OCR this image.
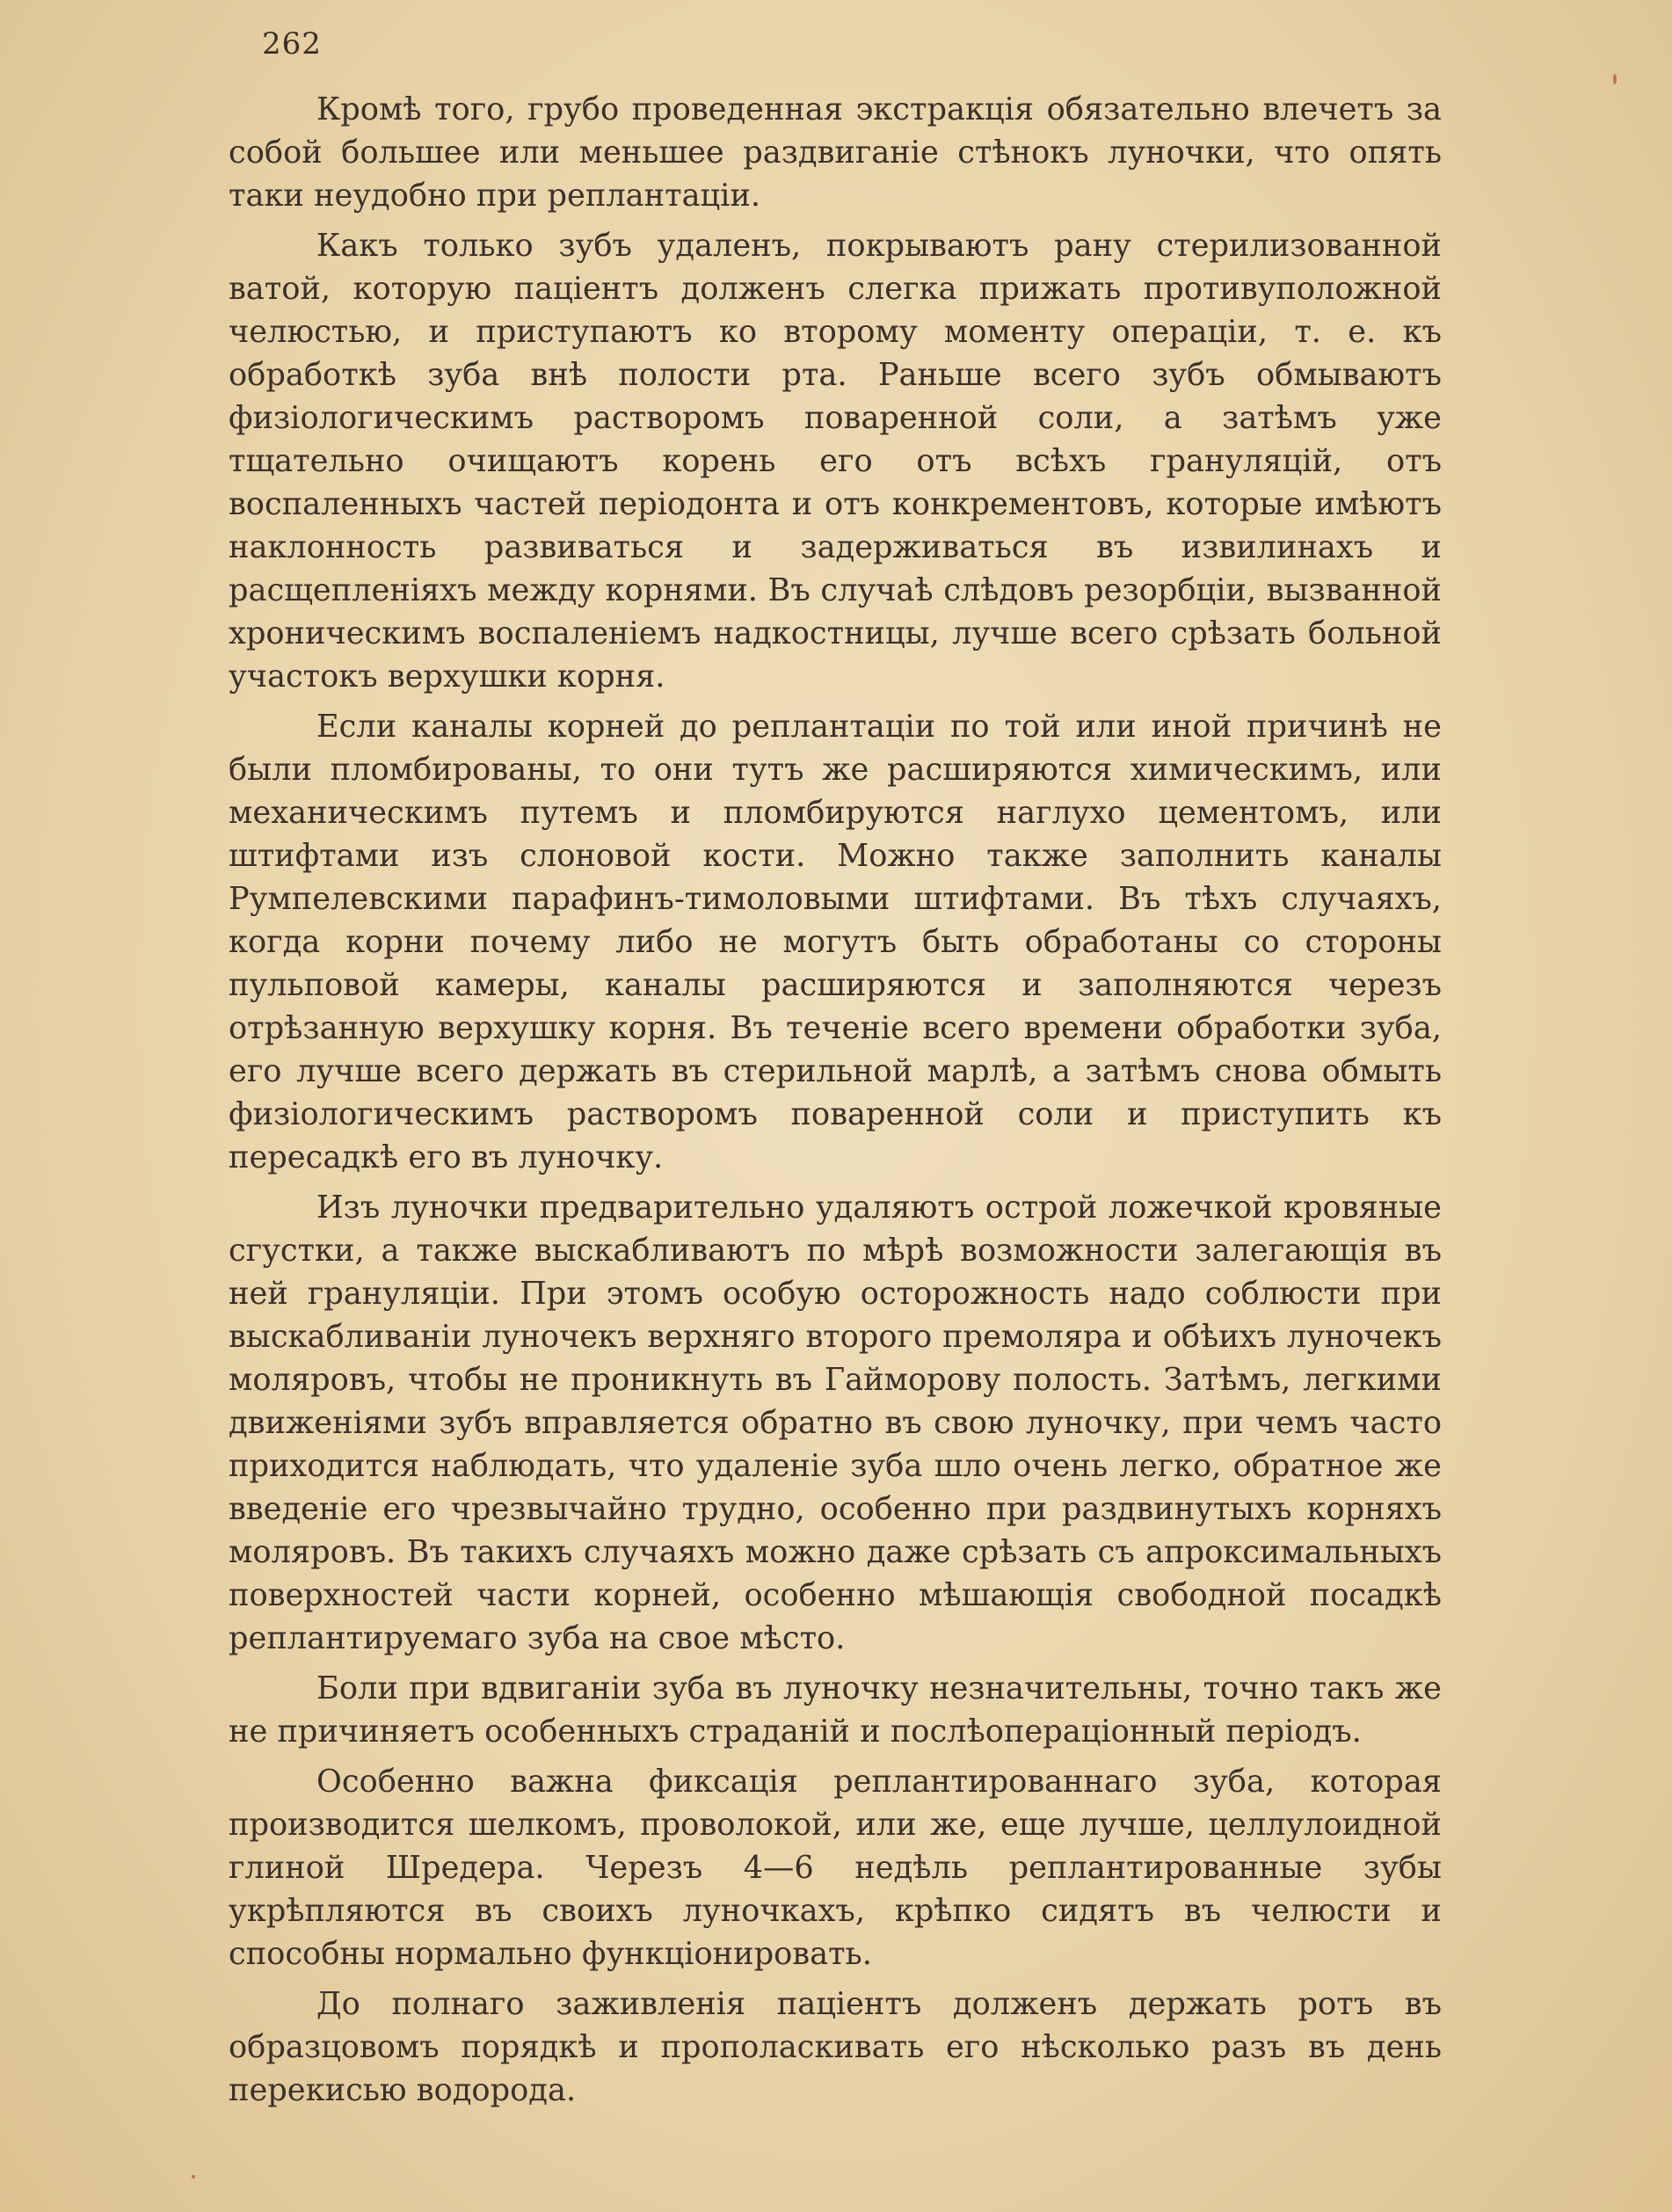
262

Кромѣ того, грубо проведенная экстракція обязательно влечетъ за собой большее или меньшее раздвиганіе стѣнокъ луночки, что опять таки неудобно при реплантаціи.

Какъ только зубъ удаленъ, покрываютъ рану стерилизованной ватой, которую паціентъ долженъ слегка прижать противуположной челюстью, и приступаютъ ко второму моменту операціи, т. е. къ обработкѣ зуба внѣ полости рта. Раньше всего зубъ обмываютъ физіологическимъ растворомъ поваренной соли, а затѣмъ уже тщательно очищаютъ корень его отъ всѣхъ грануляцій, отъ воспаленныхъ частей періодонта и отъ конкрементовъ, которые имѣютъ наклонность развиваться и задерживаться въ извилинахъ и расщепленіяхъ между корнями. Въ случаѣ слѣдовъ резорбціи, вызванной хроническимъ воспаленіемъ надкостницы, лучше всего срѣзать больной участокъ верхушки корня.

Если каналы корней до реплантаціи по той или иной причинѣ не были пломбированы, то они тутъ же расширяются химическимъ, или механическимъ путемъ и пломбируются наглухо цементомъ, или штифтами изъ слоновой кости. Можно также заполнить каналы Румпелевскими парафинъ-тимоловыми штифтами. Въ тѣхъ случаяхъ, когда корни почему либо не могутъ быть обработаны со стороны пульповой камеры, каналы расширяются и заполняются черезъ отрѣзанную верхушку корня. Въ теченіе всего времени обработки зуба, его лучше всего держать въ стерильной марлѣ, а затѣмъ снова обмыть физіологическимъ растворомъ поваренной соли и приступить къ пересадкѣ его въ луночку.

Изъ луночки предварительно удаляютъ острой ложечкой кровяные сгустки, а также выскабливаютъ по мѣрѣ возможности залегающія въ ней грануляціи. При этомъ особую осторожность надо соблюсти при выскабливаніи луночекъ верхняго второго премоляра и обѣихъ луночекъ моляровъ, чтобы не проникнуть въ Гайморову полость. Затѣмъ, легкими движеніями зубъ вправляется обратно въ свою луночку, при чемъ часто приходится наблюдать, что удаленіе зуба шло очень легко, обратное же введеніе его чрезвычайно трудно, особенно при раздвинутыхъ корняхъ моляровъ. Въ такихъ случаяхъ можно даже срѣзать съ апроксимальныхъ поверхностей части корней, особенно мѣшающія свободной посадкѣ реплантируемаго зуба на свое мѣсто.

Боли при вдвиганіи зуба въ луночку незначительны, точно такъ же не причиняетъ особенныхъ страданій и послѣопераціонный періодъ.

Особенно важна фиксація реплантированнаго зуба, которая производится шелкомъ, проволокой, или же, еще лучше, целлулоидной глиной Шредера. Черезъ 4—6 недѣль реплантированные зубы укрѣпляются въ своихъ луночкахъ, крѣпко сидятъ въ челюсти и способны нормально функціонировать.

До полнаго заживленія паціентъ долженъ держать ротъ въ образцовомъ порядкѣ и прополаскивать его нѣсколько разъ въ день перекисью водорода.
